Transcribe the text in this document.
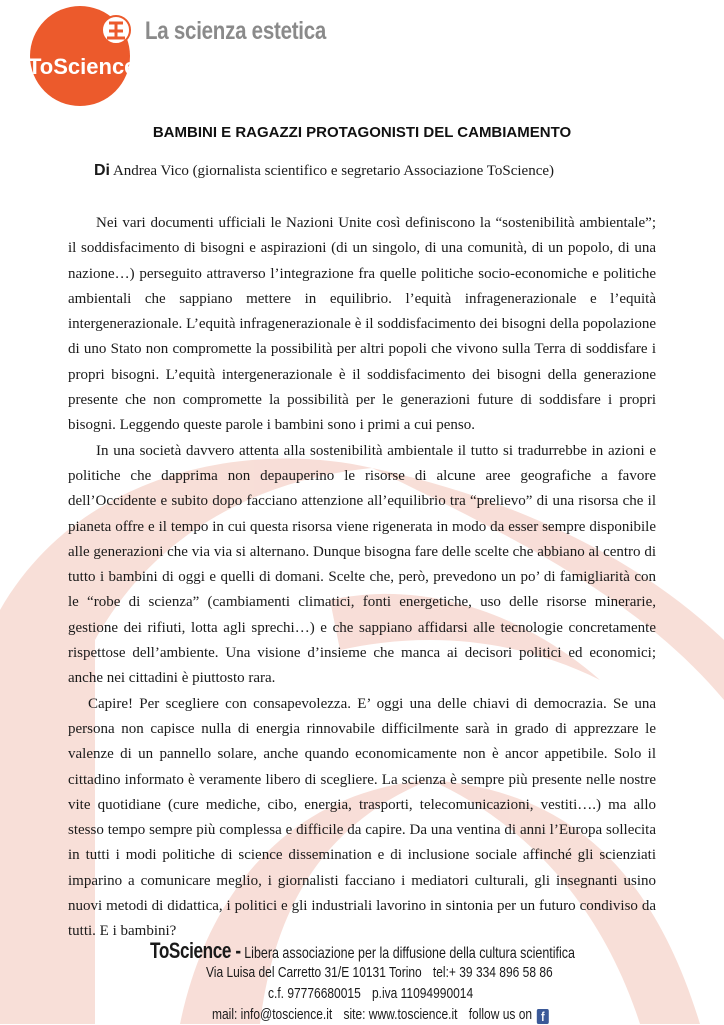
ToScience
La scienza estetica
BAMBINI E RAGAZZI PROTAGONISTI DEL CAMBIAMENTO
Di Andrea Vico (giornalista scientifico e segretario Associazione ToScience)

Nei vari documenti ufficiali le Nazioni Unite così definiscono la “sostenibilità ambientale”; il soddisfacimento di bisogni e aspirazioni (di un singolo, di una comunità, di un popolo, di una nazione…) perseguito attraverso l’integrazione fra quelle politiche socio-economiche e politiche ambientali che sappiano mettere in equilibrio. l’equità infragenerazionale e l’equità intergenerazionale. L’equità infragenerazionale è il soddisfacimento dei bisogni della popolazione di uno Stato non compromette la possibilità per altri popoli che vivono sulla Terra di soddisfare i propri bisogni. L’equità intergenerazionale è il soddisfacimento dei bisogni della generazione presente che non compromette la possibilità per le generazioni future di soddisfare i propri bisogni. Leggendo queste parole i bambini sono i primi a cui penso.

In una società davvero attenta alla sostenibilità ambientale il tutto si tradurrebbe in azioni e politiche che dapprima non depauperino le risorse di alcune aree geografiche a favore dell’Occidente e subito dopo facciano attenzione all’equilibrio tra “prelievo” di una risorsa che il pianeta offre e il tempo in cui questa risorsa viene rigenerata in modo da esser sempre disponibile alle generazioni che via via si alternano. Dunque bisogna fare delle scelte che abbiano al centro di tutto i bambini di oggi e quelli di domani. Scelte che, però, prevedono un po’ di famigliarità con le “robe di scienza” (cambiamenti climatici, fonti energetiche, uso delle risorse minerarie, gestione dei rifiuti, lotta agli sprechi…) e che sappiano affidarsi alle tecnologie concretamente rispettose dell’ambiente. Una visione d’insieme che manca ai decisori politici ed economici; anche nei cittadini è piuttosto rara.

Capire! Per scegliere con consapevolezza. E’ oggi una delle chiavi di democrazia. Se una persona non capisce nulla di energia rinnovabile difficilmente sarà in grado di apprezzare le valenze di un pannello solare, anche quando economicamente non è ancor appetibile. Solo il cittadino informato è veramente libero di scegliere. La scienza è sempre più presente nelle nostre vite quotidiane (cure mediche, cibo, energia, trasporti, telecomunicazioni, vestiti….) ma allo stesso tempo sempre più complessa e difficile da capire. Da una ventina di anni l’Europa sollecita in tutti i modi politiche di science dissemination e di inclusione sociale affinché gli scienziati imparino a comunicare meglio, i giornalisti facciano i mediatori culturali, gli insegnanti usino nuovi metodi di didattica, i politici e gli industriali lavorino in sintonia per un futuro condiviso da tutti. E i bambini?

ToScience - Libera associazione per la diffusione della cultura scientifica
Via Luisa del Carretto 31/E 10131 Torino tel:+ 39 334 896 58 86
c.f. 97776680015 p.iva 11094990014
mail: info@toscience.it site: www.toscience.it follow us on f
